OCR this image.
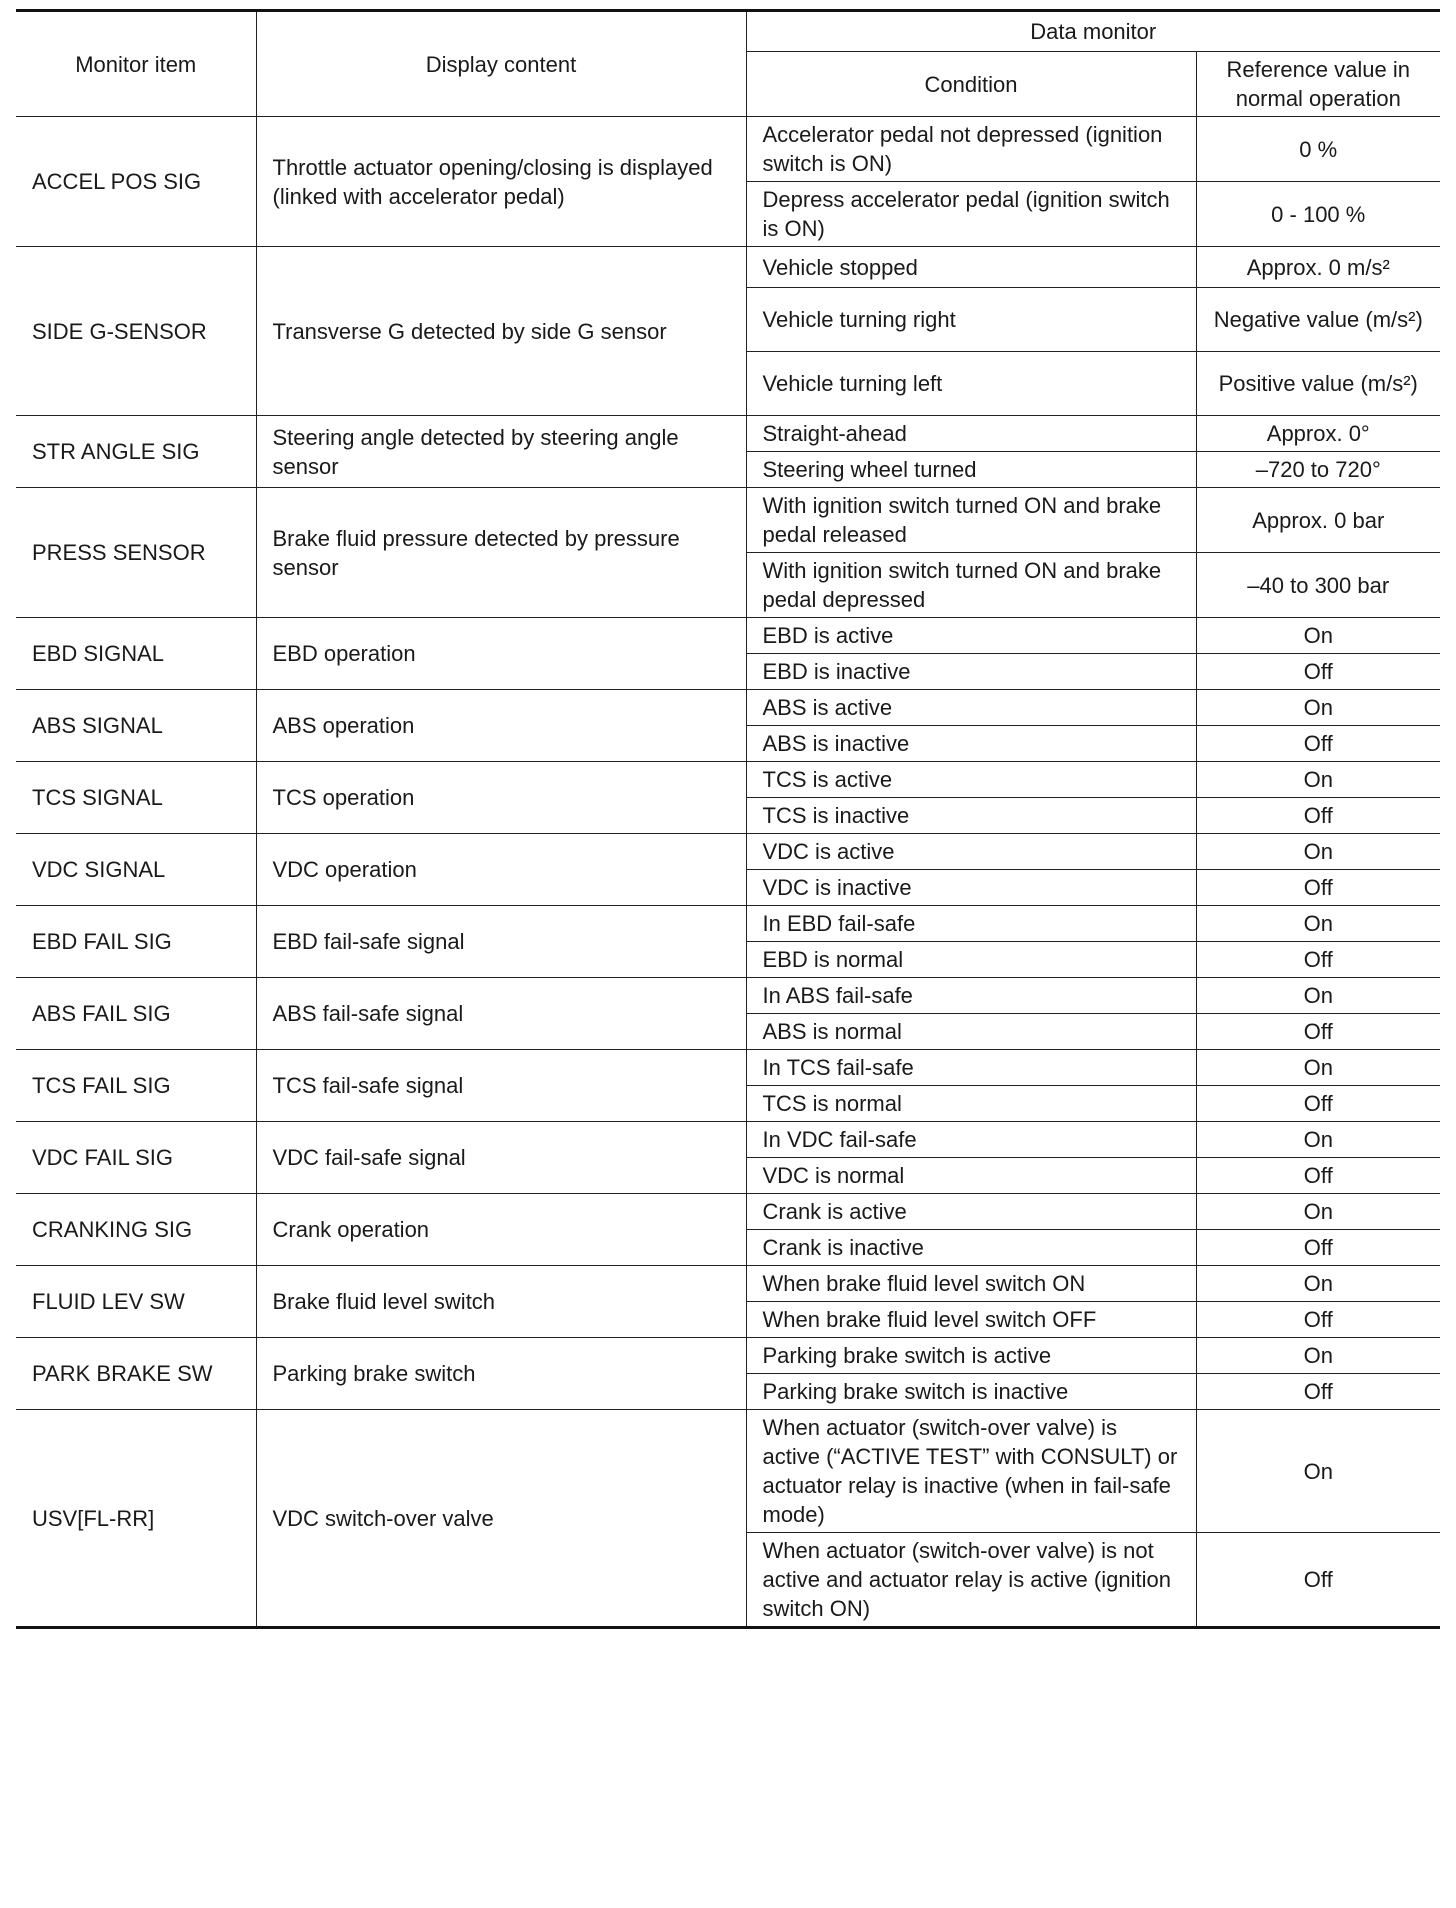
Monitor item	Display content	Data monitor	
		Condition	Reference value in normal operation
ACCEL POS SIG	Throttle actuator opening/closing is displayed (linked with accelerator pedal)	Accelerator pedal not depressed (ignition switch is ON)	0 %
		Depress accelerator pedal (ignition switch is ON)	0 - 100 %
SIDE G-SENSOR	Transverse G detected by side G sensor	Vehicle stopped	Approx. 0 m/s²
		Vehicle turning right	Negative value (m/s²)
		Vehicle turning left	Positive value (m/s²)
STR ANGLE SIG	Steering angle detected by steering angle sensor	Straight-ahead	Approx. 0°
		Steering wheel turned	–720 to 720°
PRESS SENSOR	Brake fluid pressure detected by pressure sensor	With ignition switch turned ON and brake pedal released	Approx. 0 bar
		With ignition switch turned ON and brake pedal depressed	–40 to 300 bar
EBD SIGNAL	EBD operation	EBD is active	On
		EBD is inactive	Off
ABS SIGNAL	ABS operation	ABS is active	On
		ABS is inactive	Off
TCS SIGNAL	TCS operation	TCS is active	On
		TCS is inactive	Off
VDC SIGNAL	VDC operation	VDC is active	On
		VDC is inactive	Off
EBD FAIL SIG	EBD fail-safe signal	In EBD fail-safe	On
		EBD is normal	Off
ABS FAIL SIG	ABS fail-safe signal	In ABS fail-safe	On
		ABS is normal	Off
TCS FAIL SIG	TCS fail-safe signal	In TCS fail-safe	On
		TCS is normal	Off
VDC FAIL SIG	VDC fail-safe signal	In VDC fail-safe	On
		VDC is normal	Off
CRANKING SIG	Crank operation	Crank is active	On
		Crank is inactive	Off
FLUID LEV SW	Brake fluid level switch	When brake fluid level switch ON	On
		When brake fluid level switch OFF	Off
PARK BRAKE SW	Parking brake switch	Parking brake switch is active	On
		Parking brake switch is inactive	Off
USV[FL-RR]	VDC switch-over valve	When actuator (switch-over valve) is active (“ACTIVE TEST” with CONSULT) or actuator relay is inactive (when in fail-safe mode)	On
		When actuator (switch-over valve) is not active and actuator relay is active (ignition switch ON)	Off
